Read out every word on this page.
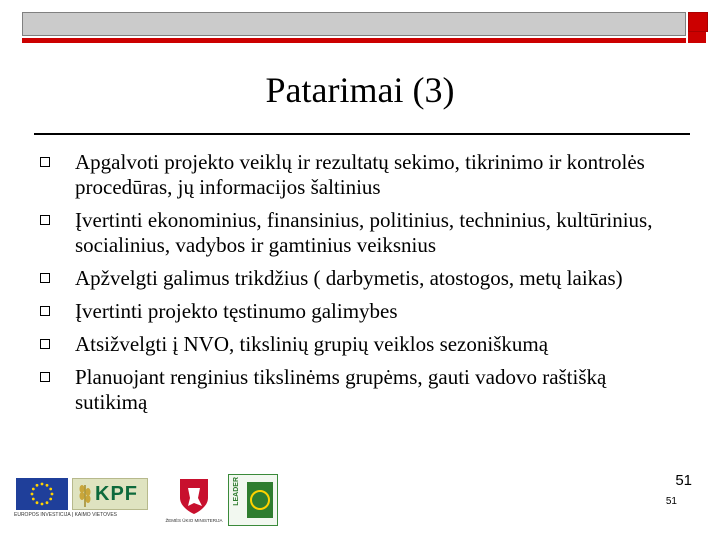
Patarimai (3)
Apgalvoti projekto veiklų ir rezultatų sekimo, tikrinimo ir kontrolės procedūras, jų informacijos šaltinius
Įvertinti ekonominius, finansinius, politinius, techninius, kultūrinius, socialinius, vadybos ir gamtinius veiksnius
Apžvelgti galimus trikdžius ( darbymetis, atostogos, metų laikas)
Įvertinti projekto tęstinumo galimybes
Atsižvelgti į NVO, tikslinių grupių veiklos sezoniškumą
Planuojant renginius tikslinėms grupėms, gauti vadovo raštišką sutikimą
51
51
EUROPOS INVESTICIJA Į KAIMO VIETOVES
KPF
ŽEMĖS ŪKIO MINISTERIJA
LEADER
